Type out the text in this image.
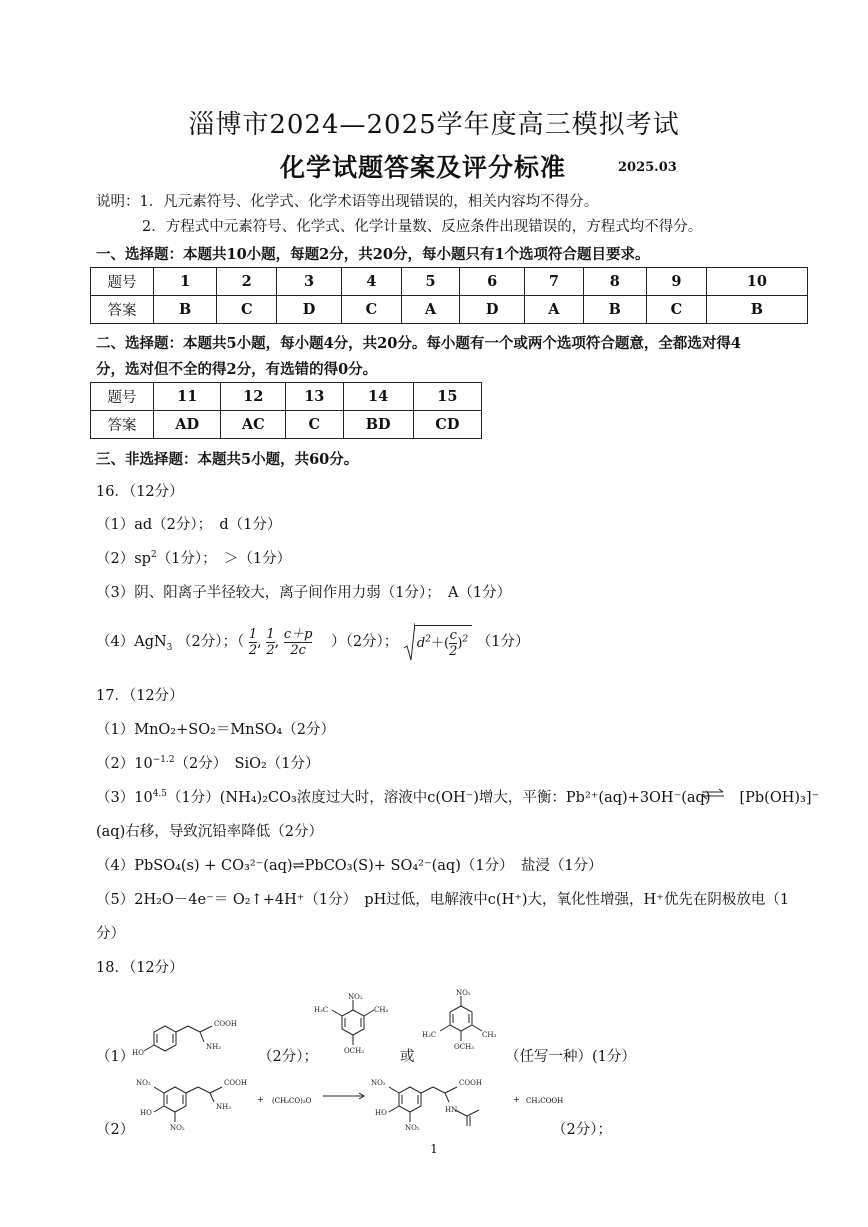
淄博市2024—2025学年度高三模拟考试
化学试题答案及评分标准	2025.03
说明：1．凡元素符号、化学式、化学术语等出现错误的，相关内容均不得分。
2．方程式中元素符号、化学式、化学计量数、反应条件出现错误的，方程式均不得分。
一、选择题：本题共10小题，每题2分，共20分，每小题只有1个选项符合题目要求。
题号	1	2	3	4	5	6	7	8	9	10
答案	B	C	D	C	A	D	A	B	C	B
二、选择题：本题共5小题，每小题4分，共20分。每小题有一个或两个选项符合题意，全都选对得4
分，选对但不全的得2分，有选错的得0分。
题号	11	12	13	14	15
答案	AD	AC	C	BD	CD
三、非选择题：本题共5小题，共60分。
16．（12分）
（1）ad（2分）；　d（1分）
$(2)sp^2(1$分）；　＞（1分）
（3）阴、阳离子半径较大，离子间作用力弱（1分）；　A（1分）
（4）AgN$_3$ （2分）；（ $\frac{1}{2}$ , $\frac{1}{2}$ , $\frac{c+p}{2c} )(2$分）； $d^2+( \frac{c}{2} )^2$ （1分）
17．（12分）
（1）MnO₂+SO₂＝MnSO₄（2分）
$(2)10^{-1.2}(2$分）　SiO₂（1分）
$(3)10^{4.5}(1$分）(NH₄)₂CO₃浓度过大时，溶液中c(OH⁻)增大，平衡：Pb²⁺(aq)+3OH⁻(aq)　　[Pb(OH)₃]⁻
(aq)右移，导致沉铅率降低（2分）
（4）PbSO₄(s) + CO₃²⁻(aq)⇌PbCO₃(S)+ SO₄²⁻(aq)（1分）　盐浸（1分）
（5）2H₂O－4e⁻＝ O₂↑+4H⁺（1分）　pH过低，电解液中c(H⁺)大，氧化性增强，H⁺优先在阴极放电（1
分）
18．（12分）
（1）
HO
COOH
NH₂
（2分）；
NO₂
H₃C	CH₃
OCH₃ 或
NO₂
H₃C	CH₃
OCH₃
（任写一种）(1分）
（2）
NO₂
HO
NO₂
COOH
NH₂
+ (CH₃CO)₂O
NO₂
HO
NO₂
COOH
HN
+ CH₃COOH
（2分）；
1
